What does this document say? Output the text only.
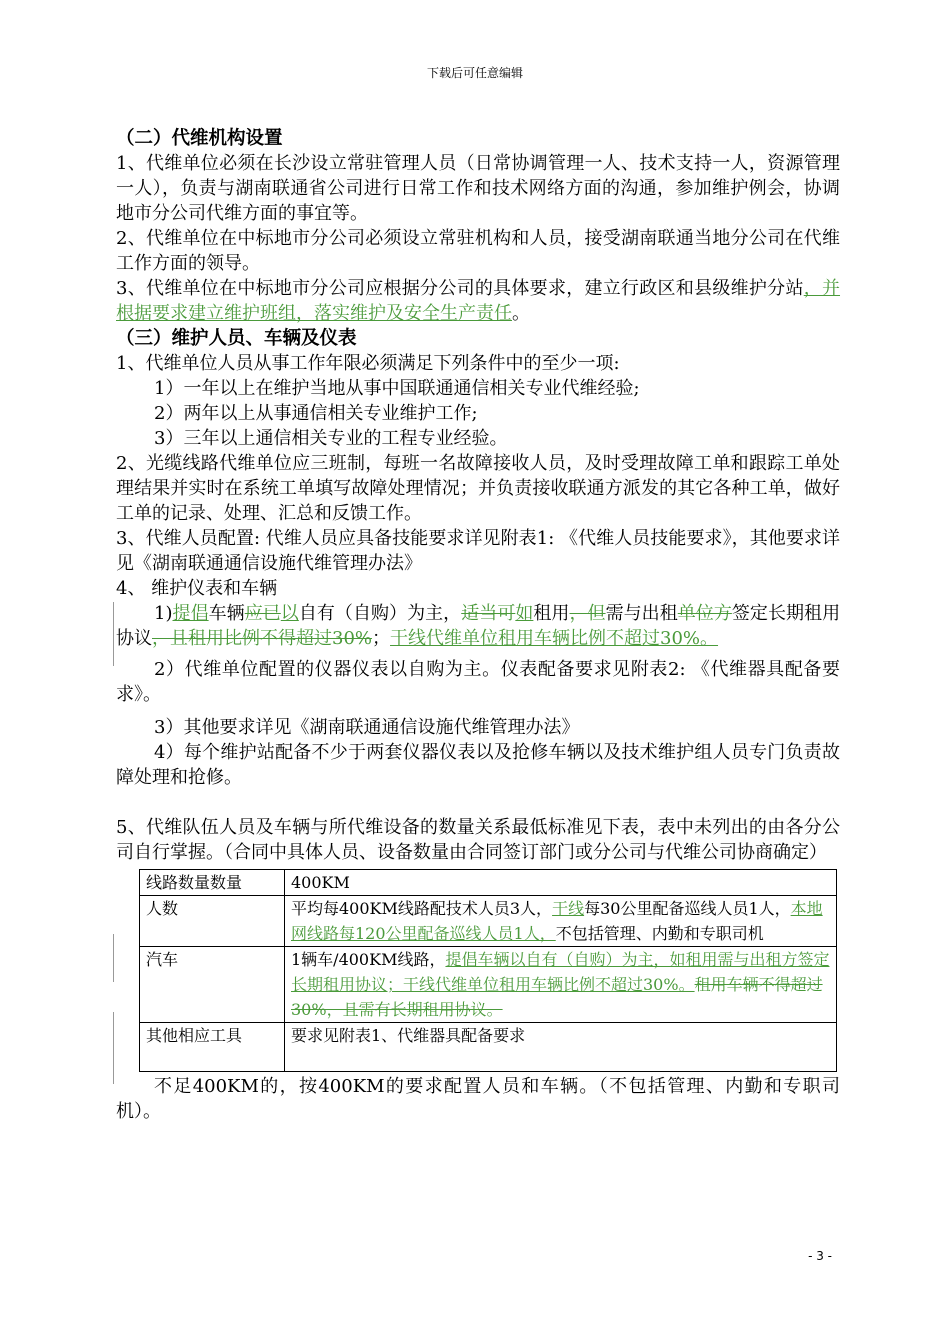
下载后可任意编辑
（二）代维机构设置
1、代维单位必须在长沙设立常驻管理人员（日常协调管理一人、技术支持一人，资源管理一人），负责与湖南联通省公司进行日常工作和技术网络方面的沟通，参加维护例会，协调地市分公司代维方面的事宜等。
2、代维单位在中标地市分公司必须设立常驻机构和人员，接受湖南联通当地分公司在代维工作方面的领导。
3、代维单位在中标地市分公司应根据分公司的具体要求，建立行政区和县级维护分站，并根据要求建立维护班组，落实维护及安全生产责任。
（三）维护人员、车辆及仪表
1、代维单位人员从事工作年限必须满足下列条件中的至少一项:
1）一年以上在维护当地从事中国联通通信相关专业代维经验;
2）两年以上从事通信相关专业维护工作;
3）三年以上通信相关专业的工程专业经验。
2、光缆线路代维单位应三班制，每班一名故障接收人员，及时受理故障工单和跟踪工单处理结果并实时在系统工单填写故障处理情况；并负责接收联通方派发的其它各种工单，做好工单的记录、处理、汇总和反馈工作。
3、代维人员配置: 代维人员应具备技能要求详见附表1: 《代维人员技能要求》，其他要求详见《湖南联通通信设施代维管理办法》
4、 维护仪表和车辆
1)提倡车辆应已以自有（自购）为主，适当可如租用，但需与出租单位方签定长期租用协议，且租用比例不得超过30%；干线代维单位租用车辆比例不超过30%。
2）代维单位配置的仪器仪表以自购为主。仪表配备要求见附表2: 《代维器具配备要求》。
3）其他要求详见《湖南联通通信设施代维管理办法》
4）每个维护站配备不少于两套仪器仪表以及抢修车辆以及技术维护组人员专门负责故障处理和抢修。
5、代维队伍人员及车辆与所代维设备的数量关系最低标准见下表，表中未列出的由各分公司自行掌握。（合同中具体人员、设备数量由合同签订部门或分公司与代维公司协商确定）
线路数量数量	400KM
人数	平均每400KM线路配技术人员3人，干线每30公里配备巡线人员1人，本地网线路每120公里配备巡线人员1人，不包括管理、内勤和专职司机
汽车	1辆车/400KM线路，提倡车辆以自有（自购）为主，如租用需与出租方签定长期租用协议；干线代维单位租用车辆比例不超过30%。租用车辆不得超过30%，且需有长期租用协议。
其他相应工具	要求见附表1、代维器具配备要求
不足400KM的，按400KM的要求配置人员和车辆。（不包括管理、内勤和专职司机）。
- 3 -
